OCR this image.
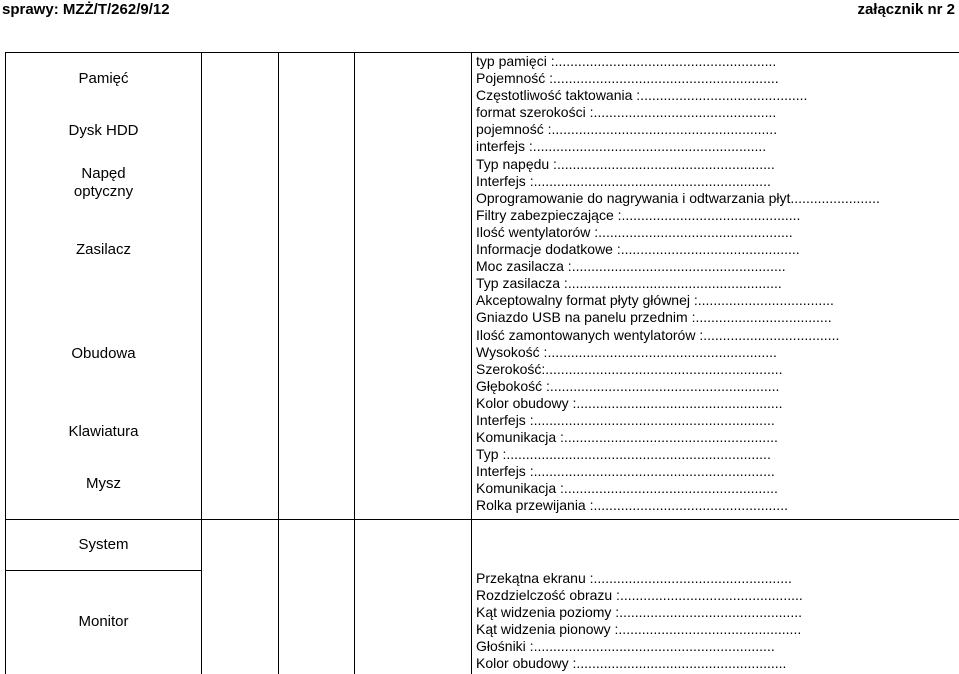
sprawy: MZŻ/T/262/9/12	załącznik nr 2
Pamięć
Dysk HDD
Napęd optyczny
Zasilacz
Obudowa
Klawiatura
Mysz
System
Monitor
typ pamięci :.........................................................
Pojemność :..........................................................
Częstotliwość taktowania :...........................................
format szerokości :...............................................
pojemność :..........................................................
interfejs :............................................................
Typ napędu :........................................................
Interfejs :.............................................................
Oprogramowanie do nagrywania i odtwarzania płyt.......................
Filtry zabezpieczające :..............................................
Ilość wentylatorów :..................................................
Informacje dodatkowe :..............................................
Moc zasilacza :.......................................................
Typ zasilacza :.......................................................
Akceptowalny format płyty głównej :...................................
Gniazdo USB na panelu przednim :...................................
Ilość zamontowanych wentylatorów :...................................
Wysokość :...........................................................
Szerokość:.............................................................
Głębokość :...........................................................
Kolor obudowy :.....................................................
Interfejs :..............................................................
Komunikacja :.......................................................
Typ :....................................................................
Interfejs :..............................................................
Komunikacja :.......................................................
Rolka przewijania :..................................................
Przekątna ekranu :...................................................
Rozdzielczość obrazu :...............................................
Kąt widzenia poziomy :...............................................
Kąt widzenia pionowy :...............................................
Głośniki :..............................................................
Kolor obudowy :......................................................
